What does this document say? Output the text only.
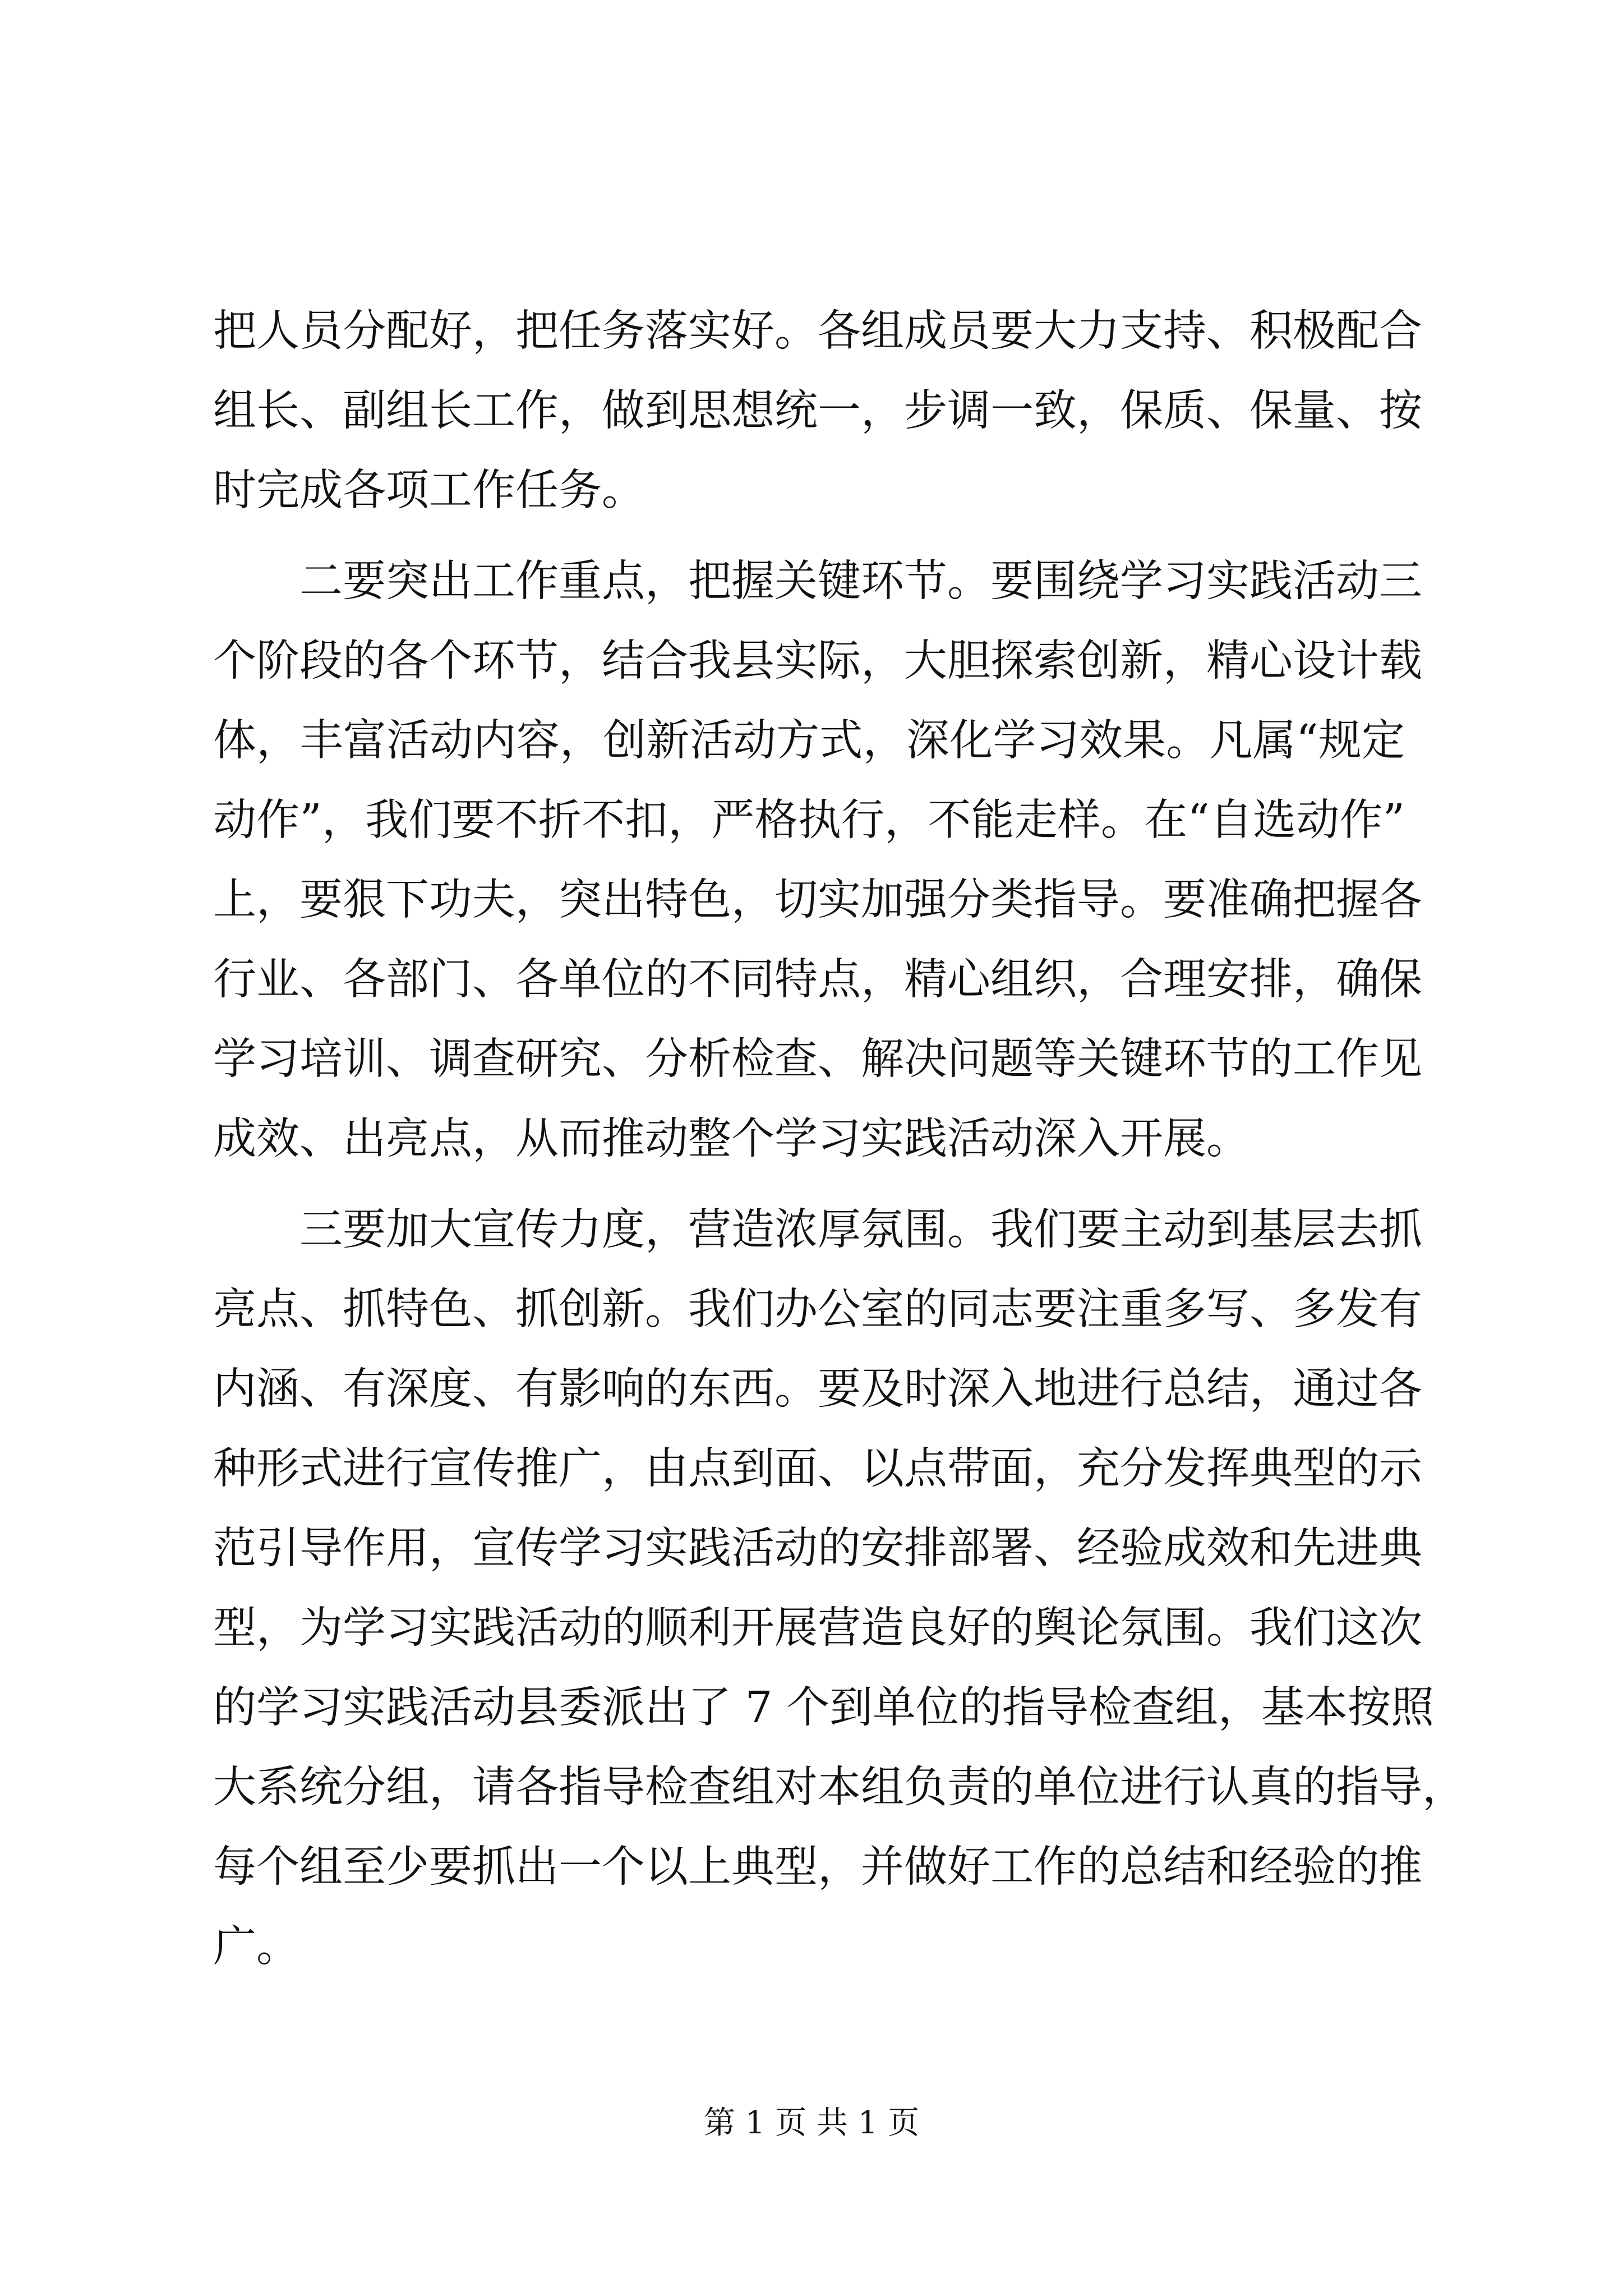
把人员分配好，把任务落实好。各组成员要大力支持、积极配合
组长、副组长工作，做到思想统一，步调一致，保质、保量、按
时完成各项工作任务。
二要突出工作重点，把握关键环节。要围绕学习实践活动三
个阶段的各个环节，结合我县实际，大胆探索创新，精心设计载
体，丰富活动内容，创新活动方式，深化学习效果。凡属“规定
动作”，我们要不折不扣，严格执行，不能走样。在“自选动作”
上，要狠下功夫，突出特色，切实加强分类指导。要准确把握各
行业、各部门、各单位的不同特点，精心组织，合理安排，确保
学习培训、调查研究、分析检查、解决问题等关键环节的工作见
成效、出亮点，从而推动整个学习实践活动深入开展。
三要加大宣传力度，营造浓厚氛围。我们要主动到基层去抓
亮点、抓特色、抓创新。我们办公室的同志要注重多写、多发有
内涵、有深度、有影响的东西。要及时深入地进行总结，通过各
种形式进行宣传推广，由点到面、以点带面，充分发挥典型的示
范引导作用，宣传学习实践活动的安排部署、经验成效和先进典
型，为学习实践活动的顺利开展营造良好的舆论氛围。我们这次
的学习实践活动县委派出了 7 个到单位的指导检查组，基本按照
大系统分组，请各指导检查组对本组负责的单位进行认真的指导，
每个组至少要抓出一个以上典型，并做好工作的总结和经验的推
广。
第 1 页 共 1 页
